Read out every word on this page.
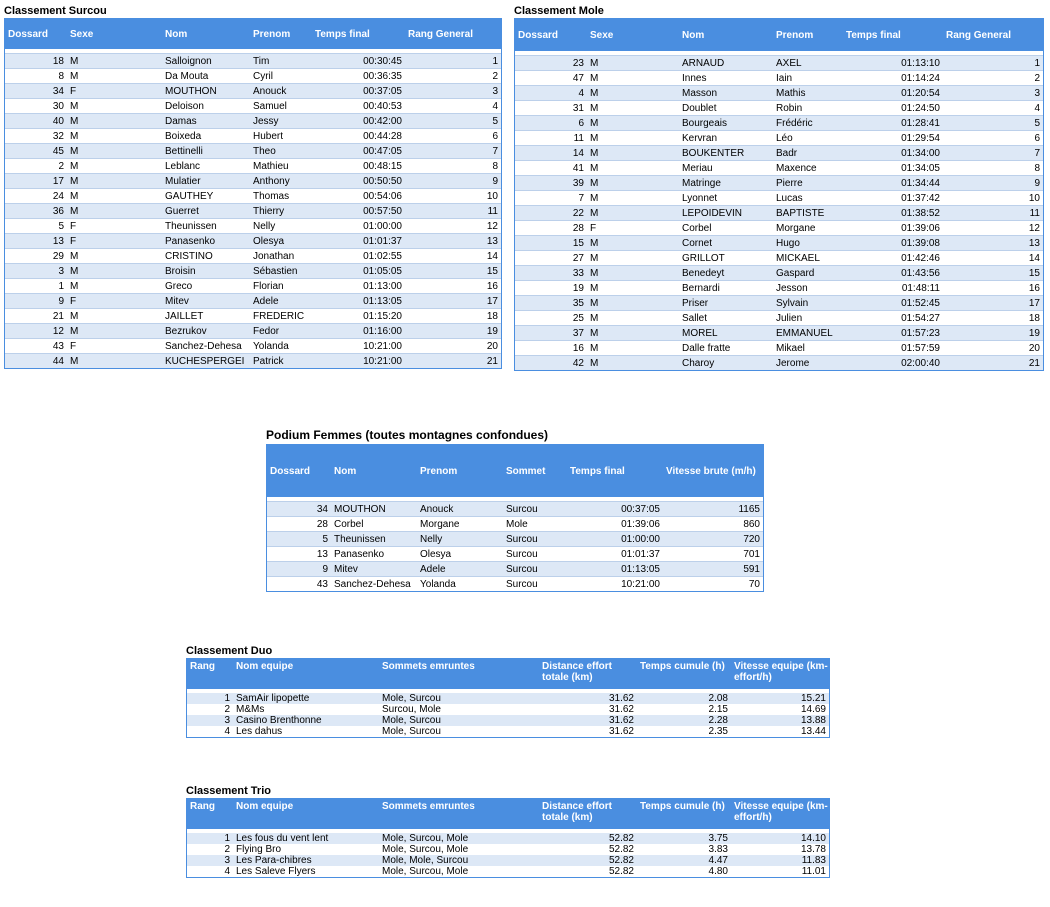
Classement Surcou
Dossard	Sexe	Nom	Prenom	Temps final	Rang General

18	M	Salloignon	Tim	00:30:45	1
8	M	Da Mouta	Cyril	00:36:35	2
34	F	MOUTHON	Anouck	00:37:05	3
30	M	Deloison	Samuel	00:40:53	4
40	M	Damas	Jessy	00:42:00	5
32	M	Boixeda	Hubert	00:44:28	6
45	M	Bettinelli	Theo	00:47:05	7
2	M	Leblanc	Mathieu	00:48:15	8
17	M	Mulatier	Anthony	00:50:50	9
24	M	GAUTHEY	Thomas	00:54:06	10
36	M	Guerret	Thierry	00:57:50	11
5	F	Theunissen	Nelly	01:00:00	12
13	F	Panasenko	Olesya	01:01:37	13
29	M	CRISTINO	Jonathan	01:02:55	14
3	M	Broisin	Sébastien	01:05:05	15
1	M	Greco	Florian	01:13:00	16
9	F	Mitev	Adele	01:13:05	17
21	M	JAILLET	FREDERIC	01:15:20	18
12	M	Bezrukov	Fedor	01:16:00	19
43	F	Sanchez-Dehesa	Yolanda	10:21:00	20
44	M	KUCHESPERGEI	Patrick	10:21:00	21
Classement Mole
Dossard	Sexe	Nom	Prenom	Temps final	Rang General

23	M	ARNAUD	AXEL	01:13:10	1
47	M	Innes	Iain	01:14:24	2
4	M	Masson	Mathis	01:20:54	3
31	M	Doublet	Robin	01:24:50	4
6	M	Bourgeais	Frédéric	01:28:41	5
11	M	Kervran	Léo	01:29:54	6
14	M	BOUKENTER	Badr	01:34:00	7
41	M	Meriau	Maxence	01:34:05	8
39	M	Matringe	Pierre	01:34:44	9
7	M	Lyonnet	Lucas	01:37:42	10
22	M	LEPOIDEVIN	BAPTISTE	01:38:52	11
28	F	Corbel	Morgane	01:39:06	12
15	M	Cornet	Hugo	01:39:08	13
27	M	GRILLOT	MICKAEL	01:42:46	14
33	M	Benedeyt	Gaspard	01:43:56	15
19	M	Bernardi	Jesson	01:48:11	16
35	M	Priser	Sylvain	01:52:45	17
25	M	Sallet	Julien	01:54:27	18
37	M	MOREL	EMMANUEL	01:57:23	19
16	M	Dalle fratte	Mikael	01:57:59	20
42	M	Charoy	Jerome	02:00:40	21
Podium Femmes (toutes montagnes confondues)
Dossard	Nom	Prenom	Sommet	Temps final	Vitesse brute (m/h)

34	MOUTHON	Anouck	Surcou	00:37:05	1165
28	Corbel	Morgane	Mole	01:39:06	860
5	Theunissen	Nelly	Surcou	01:00:00	720
13	Panasenko	Olesya	Surcou	01:01:37	701
9	Mitev	Adele	Surcou	01:13:05	591
43	Sanchez-Dehesa	Yolanda	Surcou	10:21:00	70
Classement Duo
Rang	Nom equipe	Sommets emruntes	Distance effort totale (km)	Temps cumule (h)	Vitesse equipe (km-effort/h)

1	SamAir lipopette	Mole, Surcou	31.62	2.08	15.21
2	M&Ms	Surcou, Mole	31.62	2.15	14.69
3	Casino Brenthonne	Mole, Surcou	31.62	2.28	13.88
4	Les dahus	Mole, Surcou	31.62	2.35	13.44
Classement Trio
Rang	Nom equipe	Sommets emruntes	Distance effort totale (km)	Temps cumule (h)	Vitesse equipe (km-effort/h)

1	Les fous du vent lent	Mole, Surcou, Mole	52.82	3.75	14.10
2	Flying Bro	Mole, Surcou, Mole	52.82	3.83	13.78
3	Les Para-chibres	Mole, Mole, Surcou	52.82	4.47	11.83
4	Les Saleve Flyers	Mole, Surcou, Mole	52.82	4.80	11.01
